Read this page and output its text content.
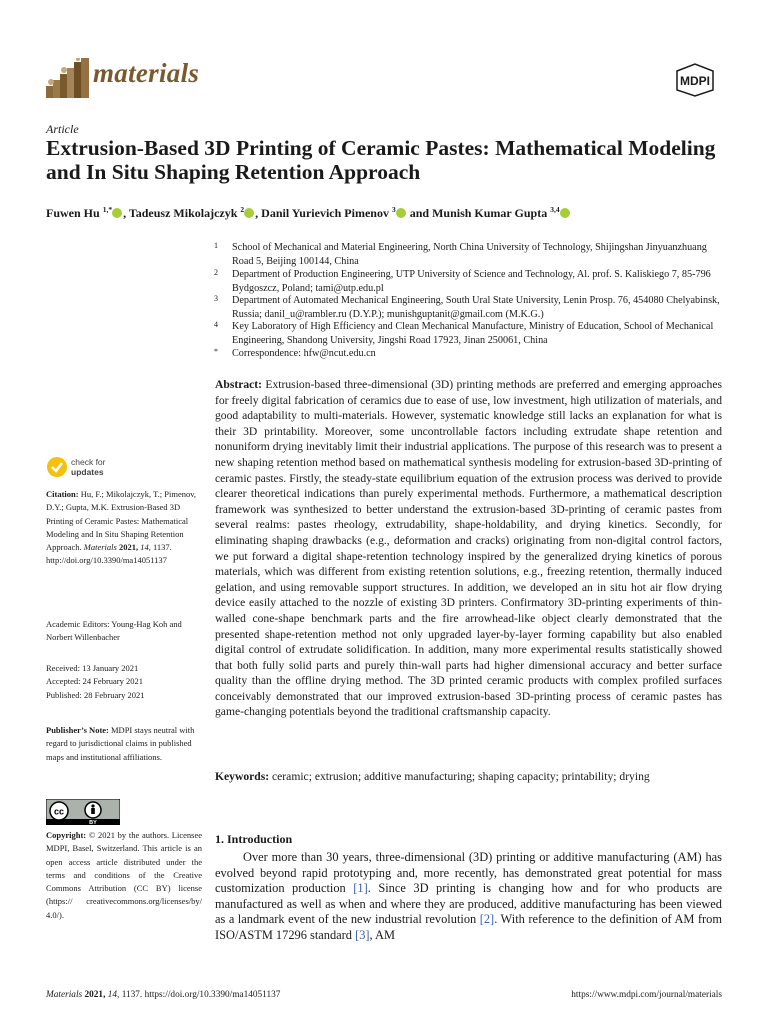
materials	MDPI
Article
Extrusion-Based 3D Printing of Ceramic Pastes: Mathematical Modeling and In Situ Shaping Retention Approach
Fuwen Hu $^{1,*}$ , Tadeusz Mikolajczyk $^2$ , Danil Yurievich Pimenov $^3$ and Munish Kumar Gupta $^{3,4}$
1	School of Mechanical and Material Engineering, North China University of Technology, Shijingshan Jinyuanzhuang Road 5, Beijing 100144, China
2	Department of Production Engineering, UTP University of Science and Technology, Al. prof. S. Kaliskiego 7, 85-796 Bydgoszcz, Poland; tami@utp.edu.pl
3	Department of Automated Mechanical Engineering, South Ural State University, Lenin Prosp. 76, 454080 Chelyabinsk, Russia; danil_u@rambler.ru (D.Y.P.); munishguptanit@gmail.com (M.K.G.)
4	Key Laboratory of High Efficiency and Clean Mechanical Manufacture, Ministry of Education, School of Mechanical Engineering, Shandong University, Jingshi Road 17923, Jinan 250061, China
*	Correspondence: hfw@ncut.edu.cn
Abstract: Extrusion-based three-dimensional (3D) printing methods are preferred and emerging approaches for freely digital fabrication of ceramics due to ease of use, low investment, high utilization of materials, and good adaptability to multi-materials. However, systematic knowledge still lacks an explanation for what is their 3D printability. Moreover, some uncontrollable factors including extrudate shape retention and nonuniform drying inevitably limit their industrial applications. The purpose of this research was to present a new shaping retention method based on mathematical synthesis modeling for extrusion-based 3D-printing of ceramic pastes. Firstly, the steady-state equilibrium equation of the extrusion process was derived to provide clearer theoretical indications than purely experimental methods. Furthermore, a mathematical description framework was synthesized to better understand the extrusion-based 3D-printing of ceramic pastes from several realms: pastes rheology, extrudability, shape-holdability, and drying kinetics. Secondly, for eliminating shaping drawbacks (e.g., deformation and cracks) originating from non-digital control factors, we put forward a digital shape-retention technology inspired by the generalized drying kinetics of porous materials, which was different from existing retention solutions, e.g., freezing retention, thermally induced gelation, and using removable support structures. In addition, we developed an in situ hot air flow drying device easily attached to the nozzle of existing 3D printers. Confirmatory 3D-printing experiments of thin-walled cone-shape benchmark parts and the fire arrowhead-like object clearly demonstrated that the presented shape-retention method not only upgraded layer-by-layer forming capability but also enabled digital control of extrudate solidification. In addition, many more experimental results statistically showed that both fully solid parts and purely thin-wall parts had higher dimensional accuracy and better surface quality than the offline drying method. The 3D printed ceramic products with complex profiled surfaces conceivably demonstrated that our improved extrusion-based 3D-printing process of ceramic pastes has game-changing potentials beyond the traditional craftsmanship capacity.
Keywords: ceramic; extrusion; additive manufacturing; shaping capacity; printability; drying
check for
updates
Citation: Hu, F.; Mikolajczyk, T.; Pimenov, D.Y.; Gupta, M.K. Extrusion-Based 3D Printing of Ceramic Pastes: Mathematical Modeling and In Situ Shaping Retention Approach. Materials 2021, 14, 1137. http://doi.org/10.3390/ma14051137
Academic Editors: Young-Hag Koh and Norbert Willenbacher
Received: 13 January 2021
Accepted: 24 February 2021
Published: 28 February 2021
Publisher’s Note: MDPI stays neutral with regard to jurisdictional claims in published maps and institutional affiliations.
cc
BY
Copyright: © 2021 by the authors. Licensee MDPI, Basel, Switzerland. This article is an open access article distributed under the terms and conditions of the Creative Commons Attribution (CC BY) license (https:// creativecommons.org/licenses/by/ 4.0/).
1. Introduction
Over more than 30 years, three-dimensional (3D) printing or additive manufacturing (AM) has evolved beyond rapid prototyping and, more recently, has demonstrated great potential for mass customization production [1]. Since 3D printing is changing how and for who products are manufactured as well as when and where they are produced, additive manufacturing has been viewed as a landmark event of the new industrial revolution [2]. With reference to the definition of AM from ISO/ASTM 17296 standard [3], AM
Materials 2021, 14, 1137. https://doi.org/10.3390/ma14051137	https://www.mdpi.com/journal/materials
